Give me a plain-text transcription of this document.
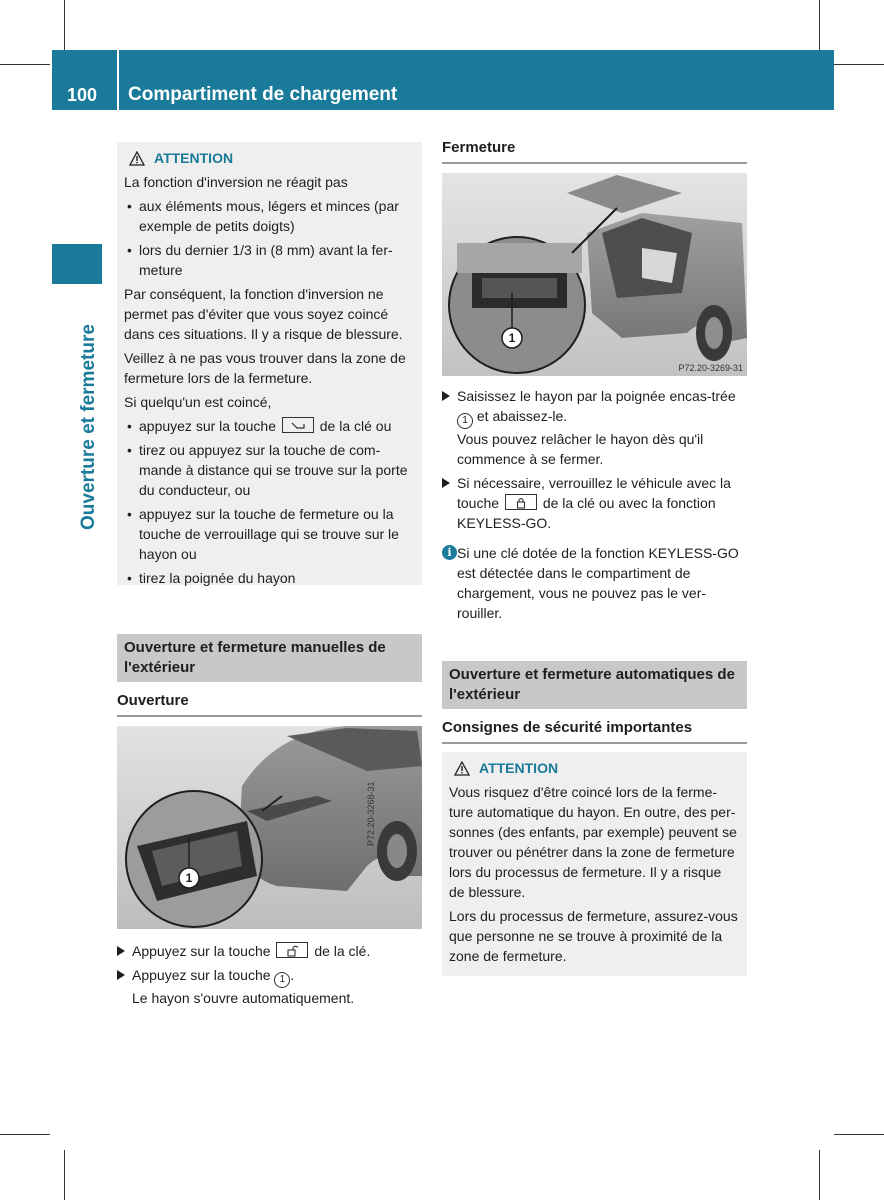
100	Compartiment de chargement
Ouverture et fermeture
ATTENTION

La fonction d'inversion ne réagit pas

• aux éléments mous, légers et minces (par exemple de petits doigts)
• lors du dernier 1/3 in (8 mm) avant la fer-meture

Par conséquent, la fonction d'inversion ne permet pas d'éviter que vous soyez coincé dans ces situations. Il y a risque de blessure.

Veillez à ne pas vous trouver dans la zone de fermeture lors de la fermeture.

Si quelqu'un est coincé,

• appuyez sur la touche	de la clé ou
• tirez ou appuyez sur la touche de com-mande à distance qui se trouve sur la porte du conducteur, ou
• appuyez sur la touche de fermeture ou la touche de verrouillage qui se trouve sur le hayon ou
• tirez la poignée du hayon
Ouverture et fermeture manuelles de l'extérieur
Ouverture
1
P72.20-3268-31
Appuyez sur la touche	de la clé.
Appuyez sur la touche 1 .
Le hayon s'ouvre automatiquement.
Fermeture
1
P72.20-3269-31
Saisissez le hayon par la poignée encas-trée 1 et abaissez-le.
Vous pouvez relâcher le hayon dès qu'il commence à se fermer.
Si nécessaire, verrouillez le véhicule avec la touche	de la clé ou avec la fonction KEYLESS-GO.
i Si une clé dotée de la fonction KEYLESS-GO est détectée dans le compartiment de chargement, vous ne pouvez pas le ver-rouiller.
Ouverture et fermeture automatiques de l'extérieur
Consignes de sécurité importantes
ATTENTION

Vous risquez d'être coincé lors de la ferme-ture automatique du hayon. En outre, des per-sonnes (des enfants, par exemple) peuvent se trouver ou pénétrer dans la zone de fermeture lors du processus de fermeture. Il y a risque de blessure.

Lors du processus de fermeture, assurez-vous que personne ne se trouve à proximité de la zone de fermeture.
